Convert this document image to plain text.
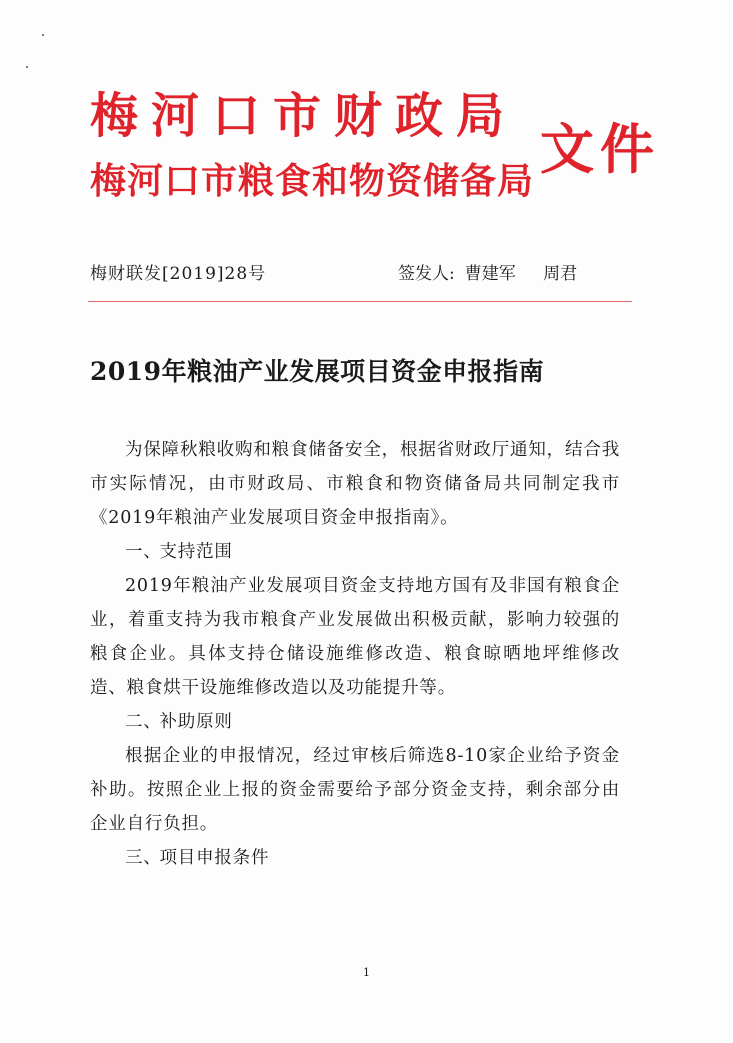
梅河口市财政局
梅河口市粮食和物资储备局
文件
梅财联发[2019]28号	签发人: 曹建军 周君
2019年粮油产业发展项目资金申报指南

为保障秋粮收购和粮食储备安全，根据省财政厅通知，结合我市实际情况，由市财政局、市粮食和物资储备局共同制定我市《2019年粮油产业发展项目资金申报指南》。

一、支持范围

2019年粮油产业发展项目资金支持地方国有及非国有粮食企业，着重支持为我市粮食产业发展做出积极贡献，影响力较强的粮食企业。具体支持仓储设施维修改造、粮食晾晒地坪维修改造、粮食烘干设施维修改造以及功能提升等。

二、补助原则

根据企业的申报情况，经过审核后筛选8-10家企业给予资金补助。按照企业上报的资金需要给予部分资金支持，剩余部分由企业自行负担。

三、项目申报条件

1
